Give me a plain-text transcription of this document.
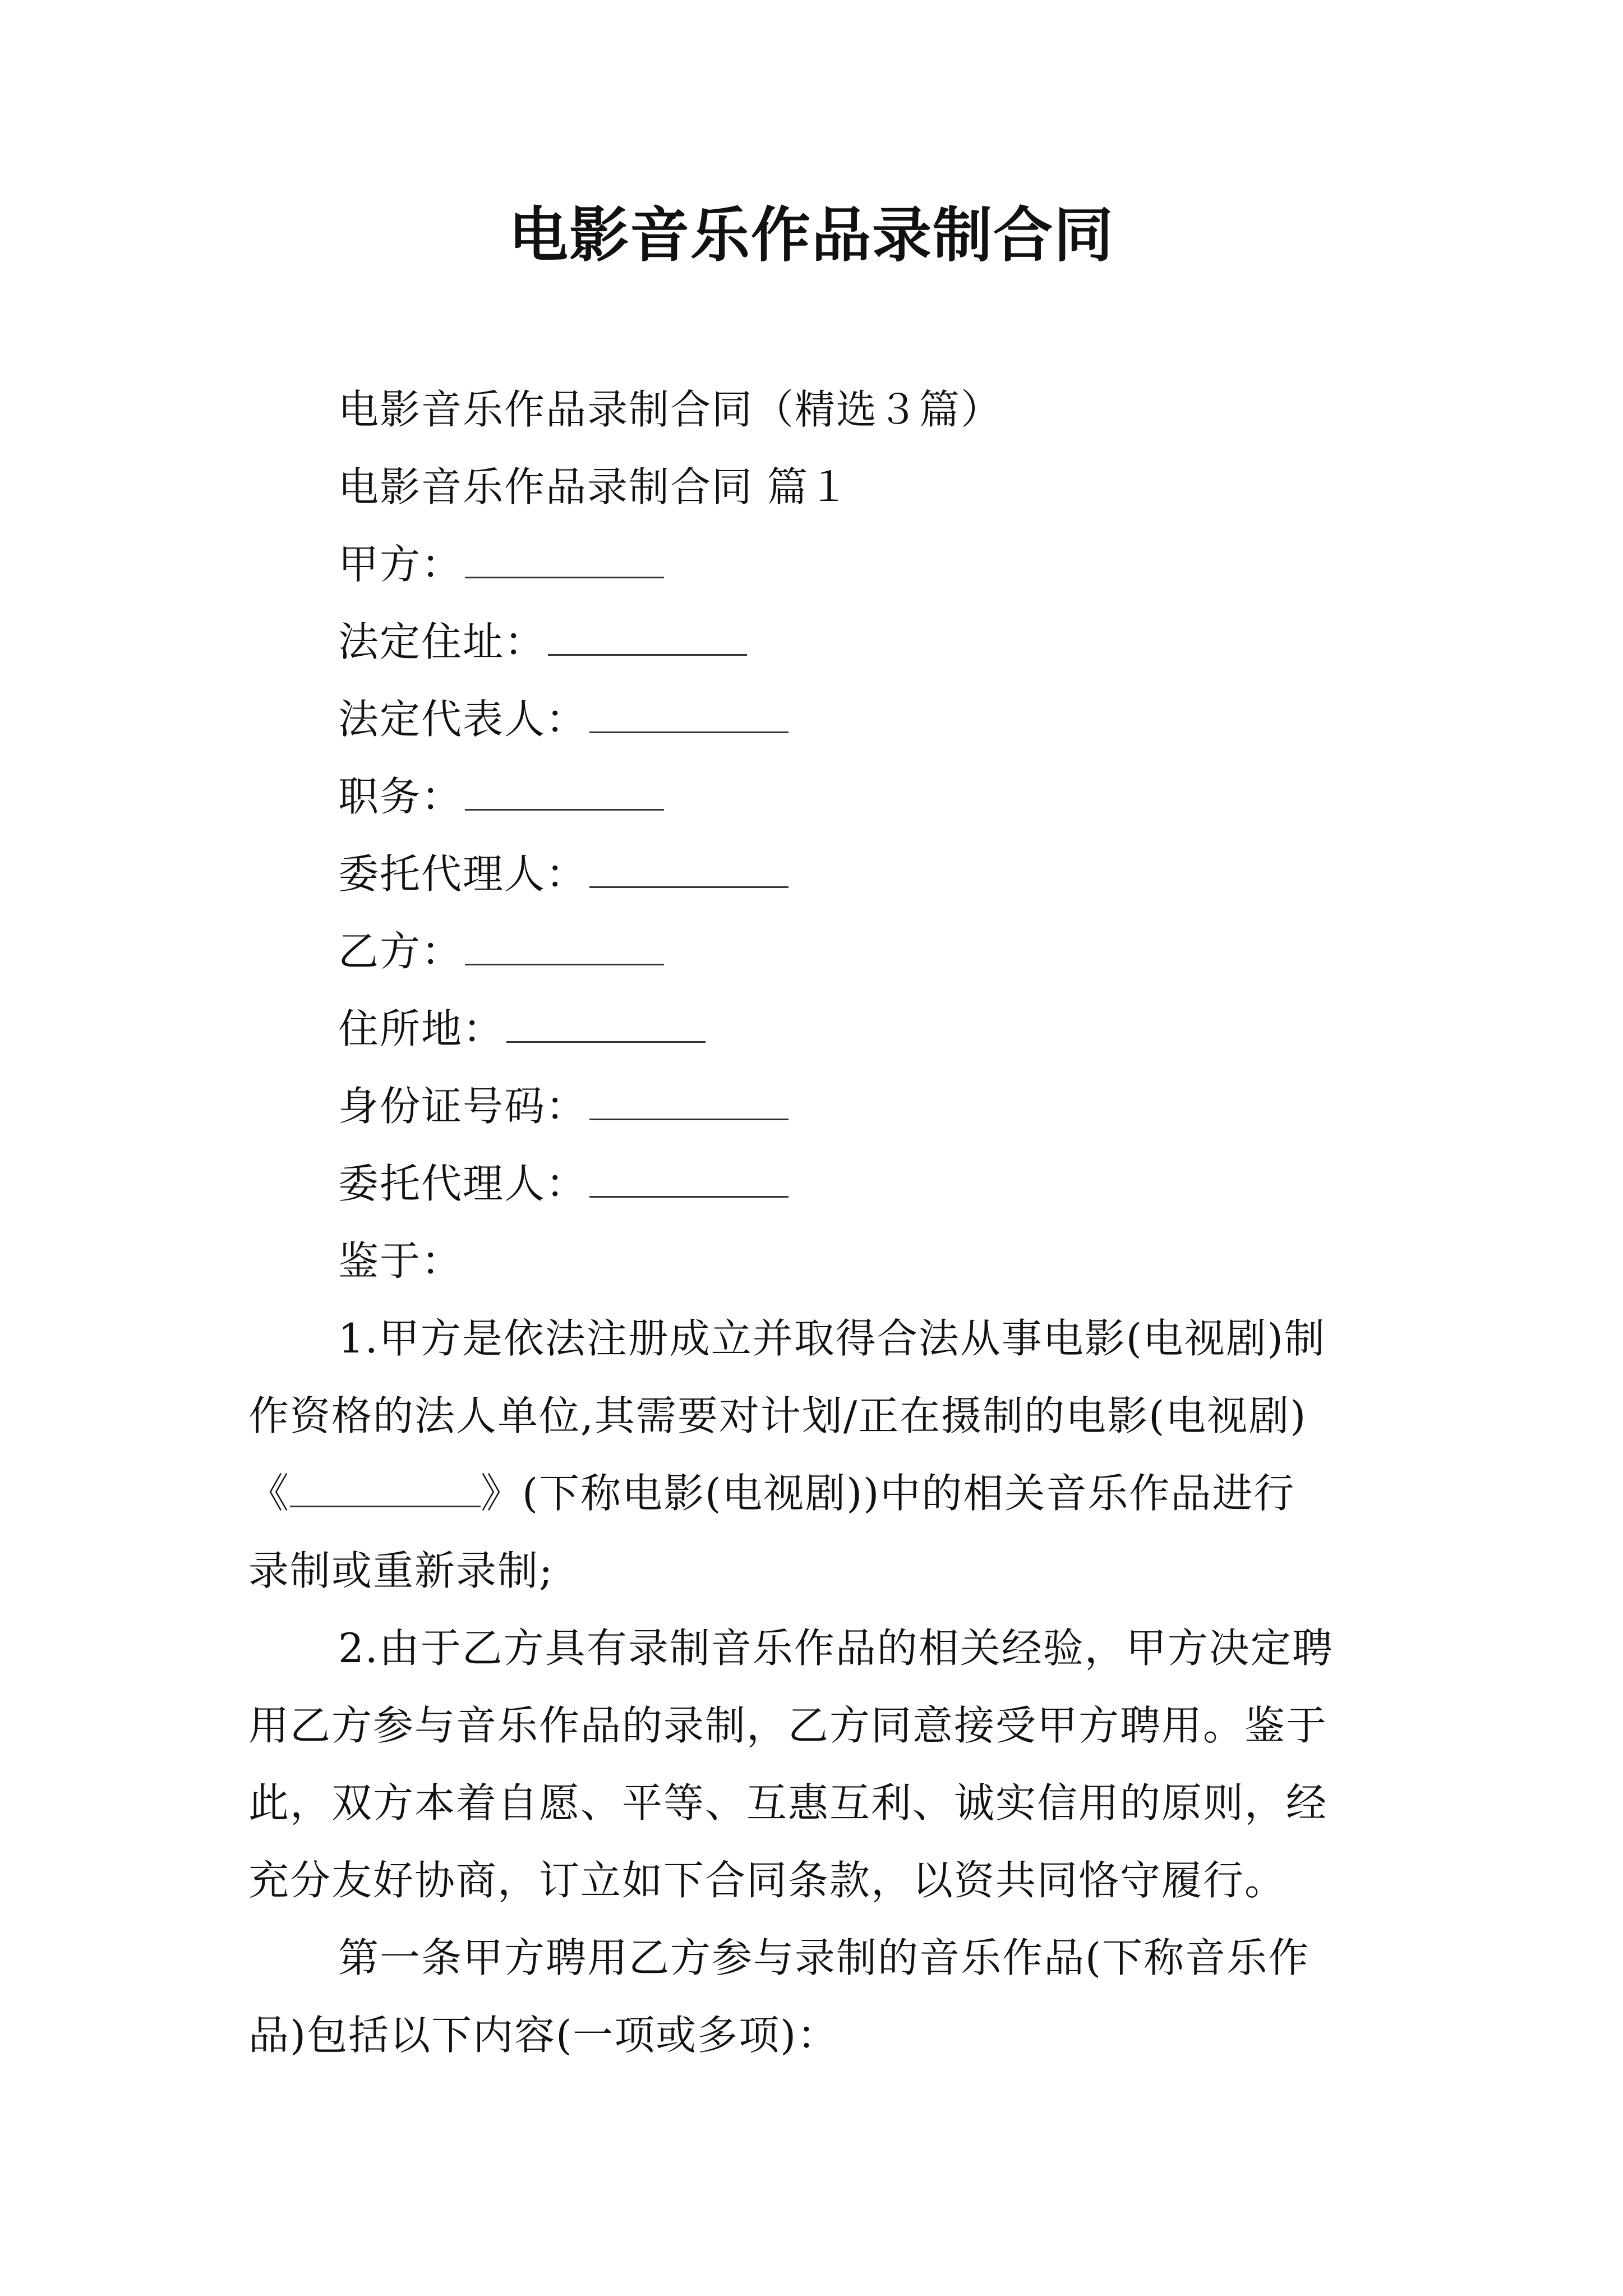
电影音乐作品录制合同
电影音乐作品录制合同（精选３篇）
电影音乐作品录制合同 篇１
甲方：
法定住址：
法定代表人：
职务：
委托代理人：
乙方：
住所地：
身份证号码：
委托代理人：
鉴于：
1.甲方是依法注册成立并取得合法从事电影(电视剧)制
作资格的法人单位,其需要对计划/正在摄制的电影(电视剧)
《	》(下称电影(电视剧))中的相关音乐作品进行
录制或重新录制;
2.由于乙方具有录制音乐作品的相关经验，甲方决定聘
用乙方参与音乐作品的录制，乙方同意接受甲方聘用。鉴于
此，双方本着自愿、平等、互惠互利、诚实信用的原则，经
充分友好协商，订立如下合同条款，以资共同恪守履行。
第一条甲方聘用乙方参与录制的音乐作品(下称音乐作
品)包括以下内容(一项或多项)：
